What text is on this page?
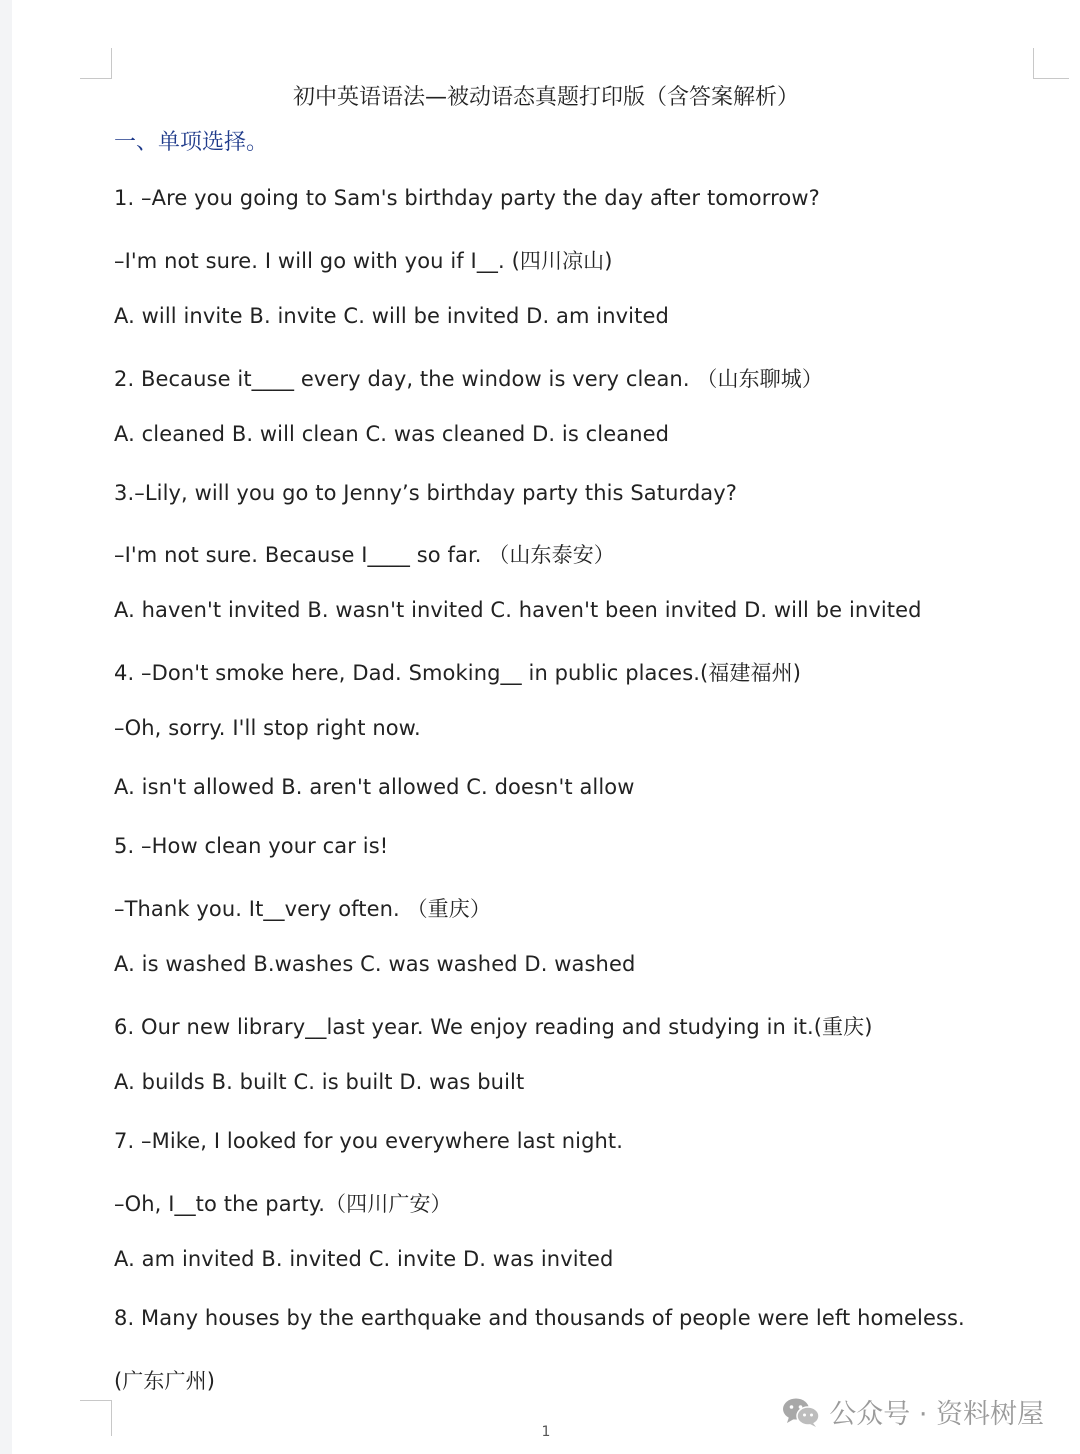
初中英语语法—被动语态真题打印版（含答案解析）
一、单项选择。
1. –Are you going to Sam's birthday party the day after tomorrow?
–I'm not sure. I will go with you if I__. (四川凉山)
A. will invite B. invite C. will be invited D. am invited
2. Because it____ every day, the window is very clean. （山东聊城）
A. cleaned B. will clean C. was cleaned D. is cleaned
3.–Lily, will you go to Jenny’s birthday party this Saturday?
–I'm not sure. Because I____ so far. （山东泰安）
A. haven't invited B. wasn't invited C. haven't been invited D. will be invited
4. –Don't smoke here, Dad. Smoking__ in public places.(福建福州)
–Oh, sorry. I'll stop right now.
A. isn't allowed B. aren't allowed C. doesn't allow
5. –How clean your car is!
–Thank you. It__very often. （重庆）
A. is washed B.washes C. was washed D. washed
6. Our new library__last year. We enjoy reading and studying in it.(重庆)
A. builds B. built C. is built D. was built
7. –Mike, I looked for you everywhere last night.
–Oh, I__to the party.（四川广安）
A. am invited B. invited C. invite D. was invited
8. Many houses by the earthquake and thousands of people were left homeless.
(广东广州)
1
公众号 · 资料树屋
